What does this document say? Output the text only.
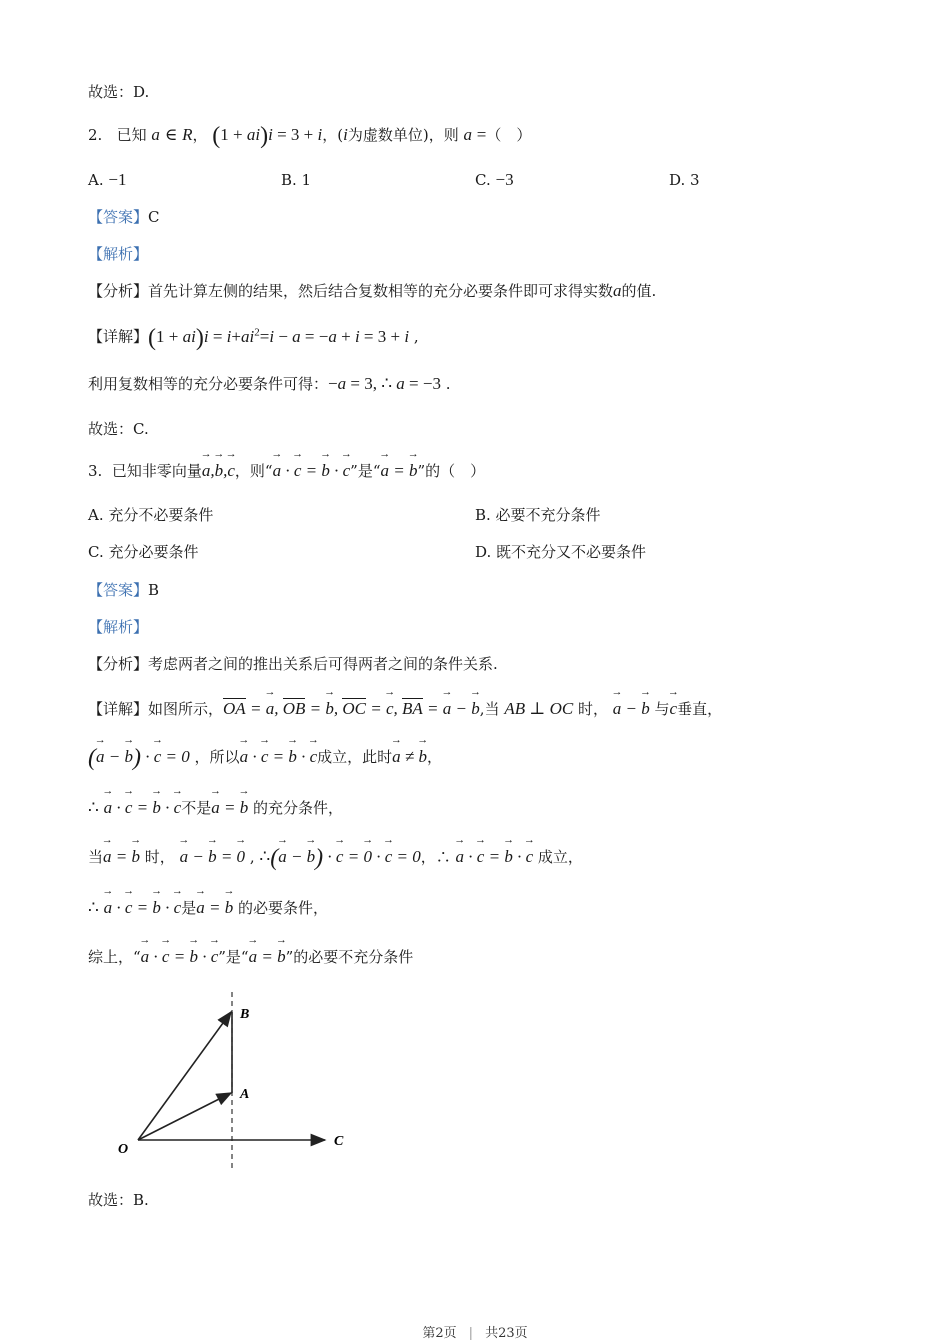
故选：D.
2. 已知 a ∈ R， (1 + ai)i = 3 + i，(i为虚数单位)，则 a =（　）
A. −1	B. 1	C. −3	D. 3
【答案】C
【解析】
【分析】首先计算左侧的结果，然后结合复数相等的充分必要条件即可求得实数a的值.
【详解】$(1 + ai)i = i+ai^2=i - a = -a + i = 3 + i$ ,
利用复数相等的充分必要条件可得：−a = 3, ∴ a = −3 .
故选：C.
3. 已知非零向量→ a,→ b,→ c，则“→ a · → c = → b · → c”是“→ a = → b”的（　）
A. 充分不必要条件	B. 必要不充分条件
C. 充分必要条件	D. 既不充分又不必要条件
【答案】B
【解析】
【分析】考虑两者之间的推出关系后可得两者之间的条件关系.
【详解】如图所示，OA = → a, OB = → b, OC = → c, BA = → a − → b,当 AB ⊥ OC 时， → a − → b 与→ c垂直，
(→ a − → b) · → c = 0 ，所以→ a · → c = → b · → c成立，此时→ a ≠ → b，
∴ → a · → c = → b · → c不是→ a = → b 的充分条件，
当→ a = → b 时， → a − → b = → 0 , ∴(→ a − → b) · → c = → 0 · → c = 0，∴ → a · → c = → b · → c 成立，
∴ → a · → c = → b · → c是→ a = → b 的必要条件，
综上，“→ a · → c = → b · → c”是“→ a = → b”的必要不充分条件
O
A
B
C
故选：B.
第2页 | 共23页
